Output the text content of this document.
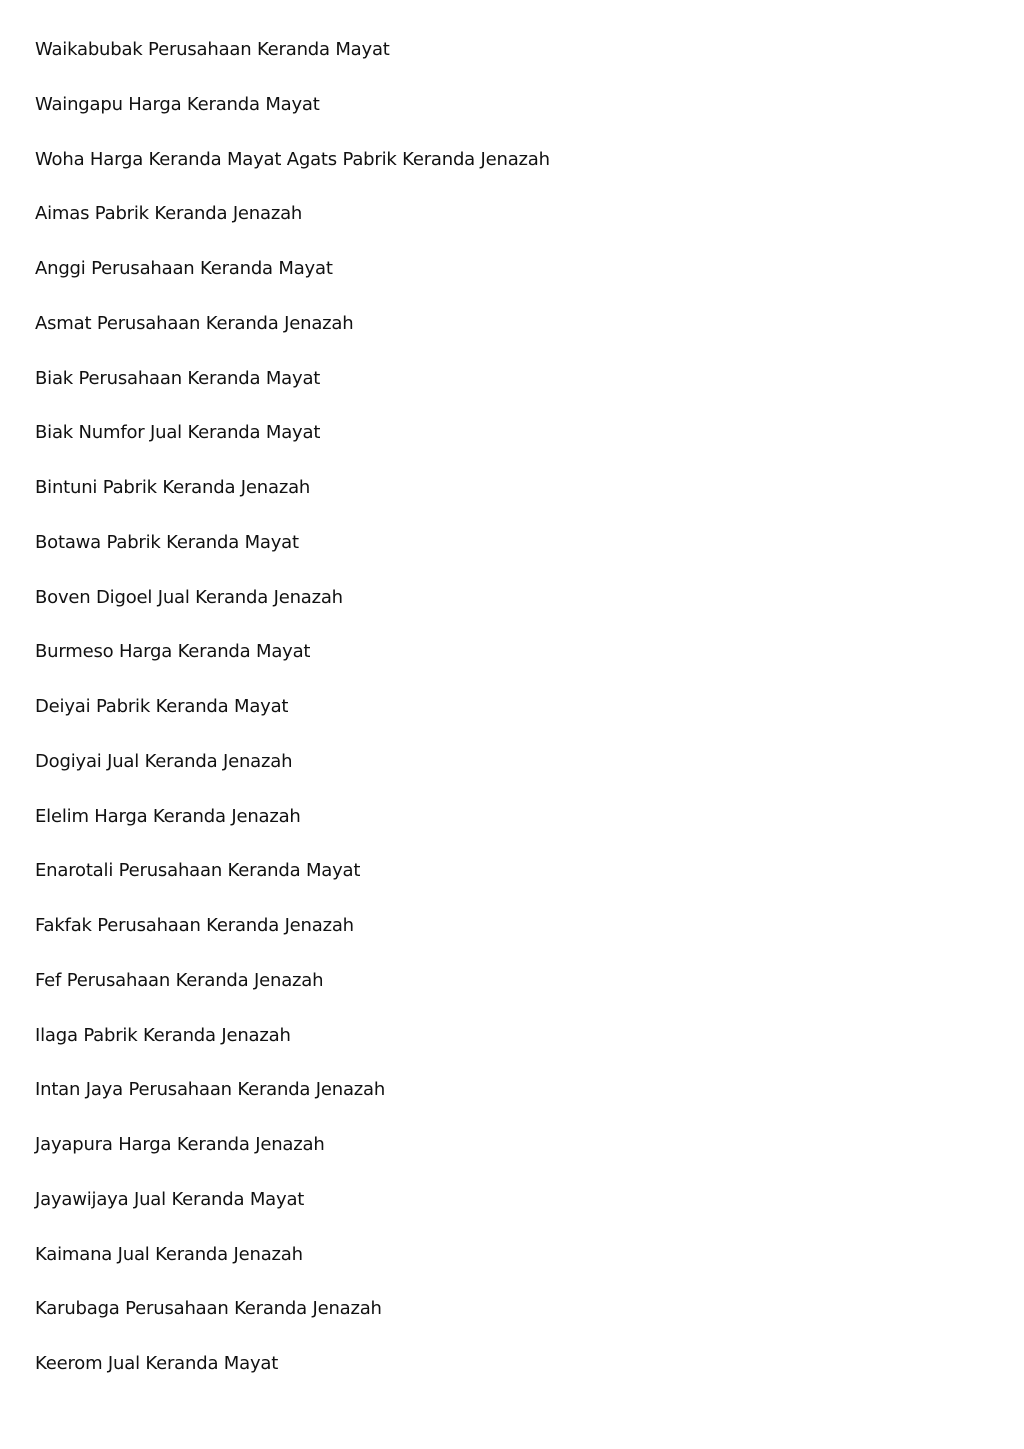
Waikabubak Perusahaan Keranda Mayat
Waingapu Harga Keranda Mayat
Woha Harga Keranda Mayat Agats Pabrik Keranda Jenazah
Aimas Pabrik Keranda Jenazah
Anggi Perusahaan Keranda Mayat
Asmat Perusahaan Keranda Jenazah
Biak Perusahaan Keranda Mayat
Biak Numfor Jual Keranda Mayat
Bintuni Pabrik Keranda Jenazah
Botawa Pabrik Keranda Mayat
Boven Digoel Jual Keranda Jenazah
Burmeso Harga Keranda Mayat
Deiyai Pabrik Keranda Mayat
Dogiyai Jual Keranda Jenazah
Elelim Harga Keranda Jenazah
Enarotali Perusahaan Keranda Mayat
Fakfak Perusahaan Keranda Jenazah
Fef Perusahaan Keranda Jenazah
Ilaga Pabrik Keranda Jenazah
Intan Jaya Perusahaan Keranda Jenazah
Jayapura Harga Keranda Jenazah
Jayawijaya Jual Keranda Mayat
Kaimana Jual Keranda Jenazah
Karubaga Perusahaan Keranda Jenazah
Keerom Jual Keranda Mayat
